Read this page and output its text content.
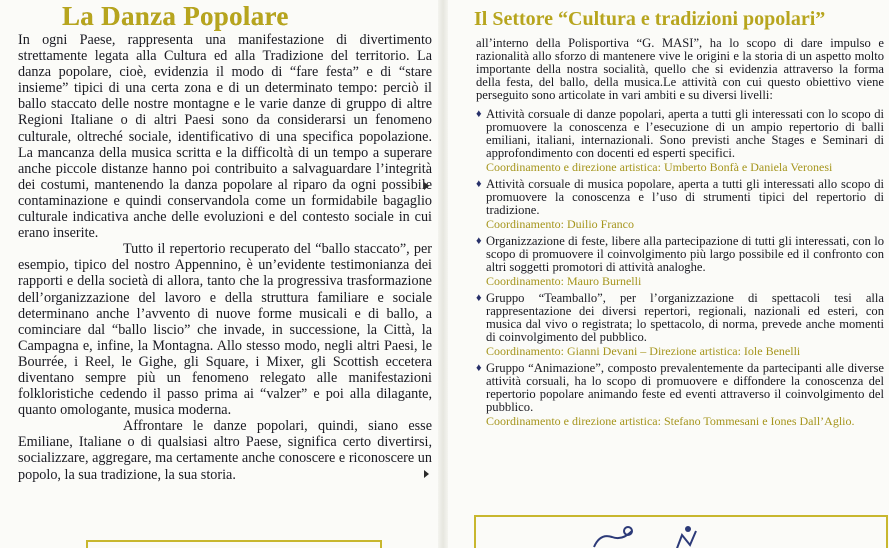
La Danza Popolare

In ogni Paese, rappresenta una manifestazione di divertimento strettamente legata alla Cultura ed alla Tradizione del territorio. La danza popolare, cioè, evidenzia il modo di “fare festa” e di “stare insieme” tipici di una certa zona e di un determinato tempo: perciò il ballo staccato delle nostre montagne e le varie danze di gruppo di altre Regioni Italiane o di altri Paesi sono da considerarsi un fenomeno culturale, oltreché sociale, identificativo di una specifica popolazione. La mancanza della musica scritta e la difficoltà di un tempo a superare anche piccole distanze hanno poi contribuito a salvaguardare l’integrità dei costumi, mantenendo la danza popolare al riparo da ogni possibile contaminazione e quindi conservandola come un formidabile bagaglio culturale indicativa anche delle evoluzioni e del contesto sociale in cui erano inserite.

Tutto il repertorio recuperato del “ballo staccato”, per esempio, tipico del nostro Appennino, è un’evidente testimonianza dei rapporti e della società di allora, tanto che la progressiva trasformazione dell’organizzazione del lavoro e della struttura familiare e sociale determinano anche l’avvento di nuove forme musicali e di ballo, a cominciare dal “ballo liscio” che invade, in successione, la Città, la Campagna e, infine, la Montagna. Allo stesso modo, negli altri Paesi, le Bourrée, i Reel, le Gighe, gli Square, i Mixer, gli Scottish eccetera diventano sempre più un fenomeno relegato alle manifestazioni folkloristiche cedendo il passo prima ai “valzer” e poi alla dilagante, quanto omologante, musica moderna.

Affrontare le danze popolari, quindi, siano esse Emiliane, Italiane o di qualsiasi altro Paese, significa certo divertirsi, socializzare, aggregare, ma certamente anche conoscere e riconoscere un popolo, la sua tradizione, la sua storia.

Il Settore “Cultura e tradizioni popolari”

all’interno della Polisportiva “G. MASI”, ha lo scopo di dare impulso e razionalità allo sforzo di mantenere vive le origini e la storia di un aspetto molto importante della nostra socialità, quello che si evidenzia attraverso la forma della festa, del ballo, della musica.Le attività con cui questo obiettivo viene perseguito sono articolate in vari ambiti e su diversi livelli:

♦ Attività corsuale di danze popolari, aperta a tutti gli interessati con lo scopo di promuovere la conoscenza e l’esecuzione di un ampio repertorio di balli emiliani, italiani, internazionali. Sono previsti anche Stages e Seminari di approfondimento con docenti ed esperti specifici.

Coordinamento e direzione artistica: Umberto Bonfà e Daniela Veronesi

♦ Attività corsuale di musica popolare, aperta a tutti gli interessati allo scopo di promuovere la conoscenza e l’uso di strumenti tipici del repertorio di tradizione.

Coordinamento: Duilio Franco

♦ Organizzazione di feste, libere alla partecipazione di tutti gli interessati, con lo scopo di promuovere il coinvolgimento più largo possibile ed il confronto con altri soggetti promotori di attività analoghe.

Coordinamento: Mauro Burnelli

♦ Gruppo “Teamballo”, per l’organizzazione di spettacoli tesi alla rappresentazione dei diversi repertori, regionali, nazionali ed esteri, con musica dal vivo o registrata; lo spettacolo, di norma, prevede anche momenti di coinvolgimento del pubblico.

Coordinamento: Gianni Devani – Direzione artistica: Iole Benelli

♦ Gruppo “Animazione”, composto prevalentemente da partecipanti alle diverse attività corsuali, ha lo scopo di promuovere e diffondere la conoscenza del repertorio popolare animando feste ed eventi attraverso il coinvolgimento del pubblico.

Coordinamento e direzione artistica: Stefano Tommesani e Iones Dall’Aglio.
